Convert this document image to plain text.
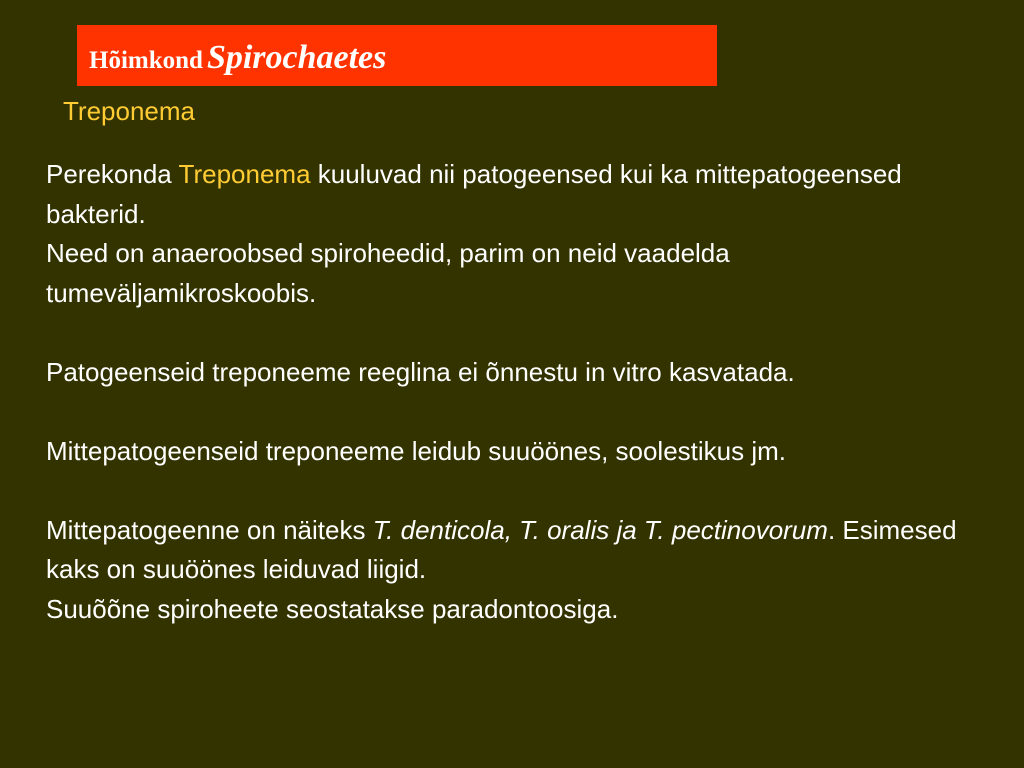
Hõimkond Spirochaetes
Treponema

Perekonda Treponema kuuluvad nii patogeensed kui ka mittepatogeensed bakterid.

Need on anaeroobsed spiroheedid, parim on neid vaadelda tumeväljamikroskoobis.

Patogeenseid treponeeme reeglina ei õnnestu in vitro kasvatada.

Mittepatogeenseid treponeeme leidub suuöönes, soolestikus jm.

Mittepatogeenne on näiteks T. denticola, T. oralis ja T. pectinovorum. Esimesed kaks on suuöönes leiduvad liigid.

Suuõõne spiroheete seostatakse paradontoosiga.
